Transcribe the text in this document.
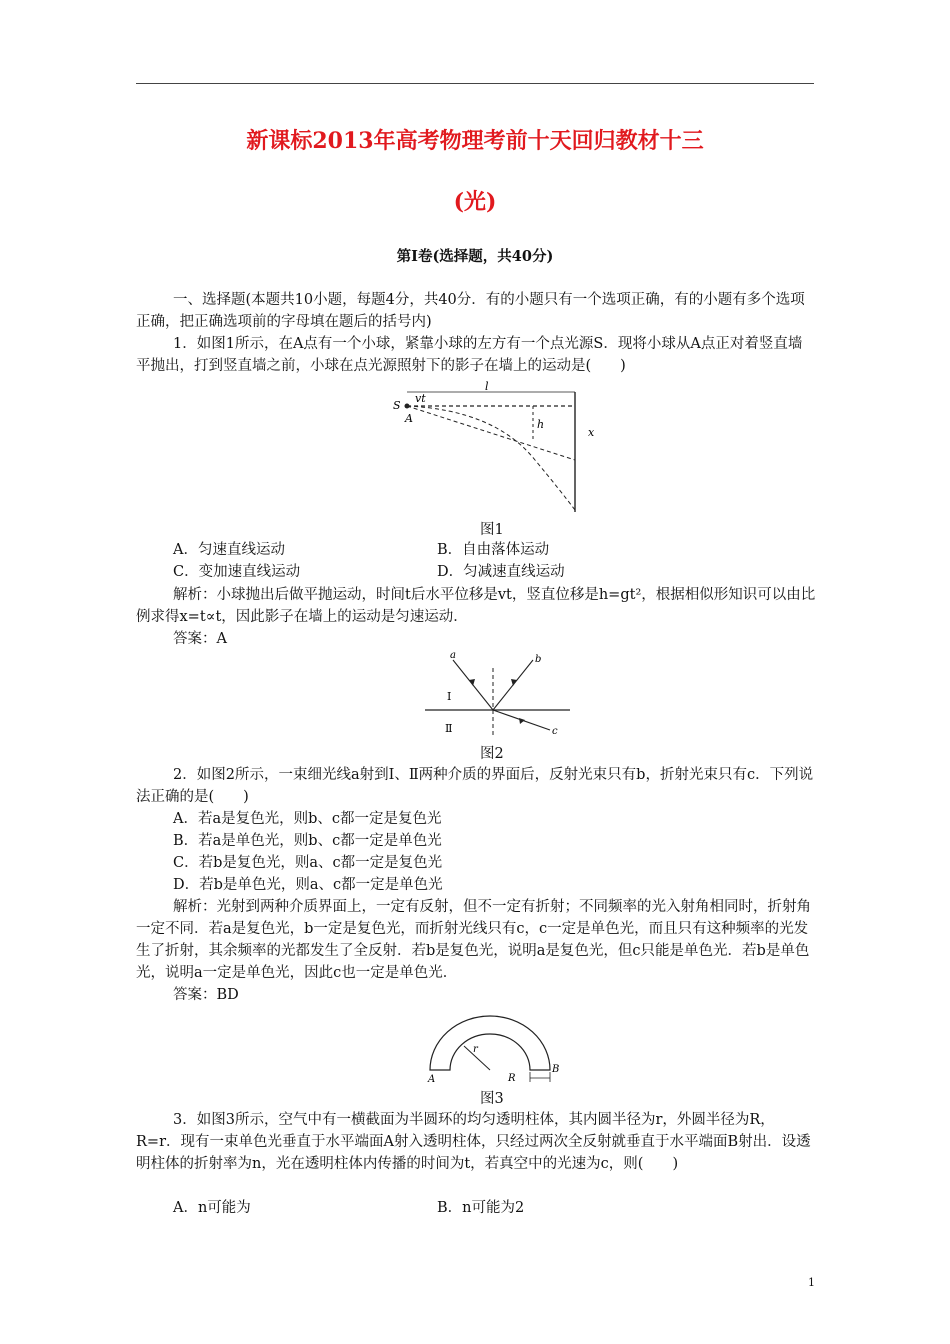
新课标2013年高考物理考前十天回归教材十三
(光)
第Ⅰ卷(选择题，共40分)
一、选择题(本题共10小题，每题4分，共40分．有的小题只有一个选项正确，有的小题有多个选项正确，把正确选项前的字母填在题后的括号内)
1．如图1所示，在A点有一个小球，紧靠小球的左方有一个点光源S．现将小球从A点正对着竖直墙平抛出，打到竖直墙之前，小球在点光源照射下的影子在墙上的运动是(　　)
S
A
vt
l
h
x
图1
A．匀速直线运动	B．自由落体运动
C．变加速直线运动	D．匀减速直线运动
解析：小球抛出后做平抛运动，时间t后水平位移是vt，竖直位移是h=gt²，根据相似形知识可以由比例求得x=t∝t，因此影子在墙上的运动是匀速运动．
答案：A
a	b
c
Ⅰ
Ⅱ
图2
2．如图2所示，一束细光线a射到Ⅰ、Ⅱ两种介质的界面后，反射光束只有b，折射光束只有c．下列说法正确的是(　　)
A．若a是复色光，则b、c都一定是复色光
B．若a是单色光，则b、c都一定是单色光
C．若b是复色光，则a、c都一定是复色光
D．若b是单色光，则a、c都一定是单色光
解析：光射到两种介质界面上，一定有反射，但不一定有折射；不同频率的光入射角相同时，折射角一定不同．若a是复色光，b一定是复色光，而折射光线只有c，c一定是单色光，而且只有这种频率的光发生了折射，其余频率的光都发生了全反射．若b是复色光，说明a是复色光，但c只能是单色光．若b是单色光，说明a一定是单色光，因此c也一定是单色光．
答案：BD
r
R
A
B
图3
3．如图3所示，空气中有一横截面为半圆环的均匀透明柱体，其内圆半径为r，外圆半径为R，R=r．现有一束单色光垂直于水平端面A射入透明柱体，只经过两次全反射就垂直于水平端面B射出．设透明柱体的折射率为n，光在透明柱体内传播的时间为t，若真空中的光速为c，则(　　)
A．n可能为	B．n可能为2
1
